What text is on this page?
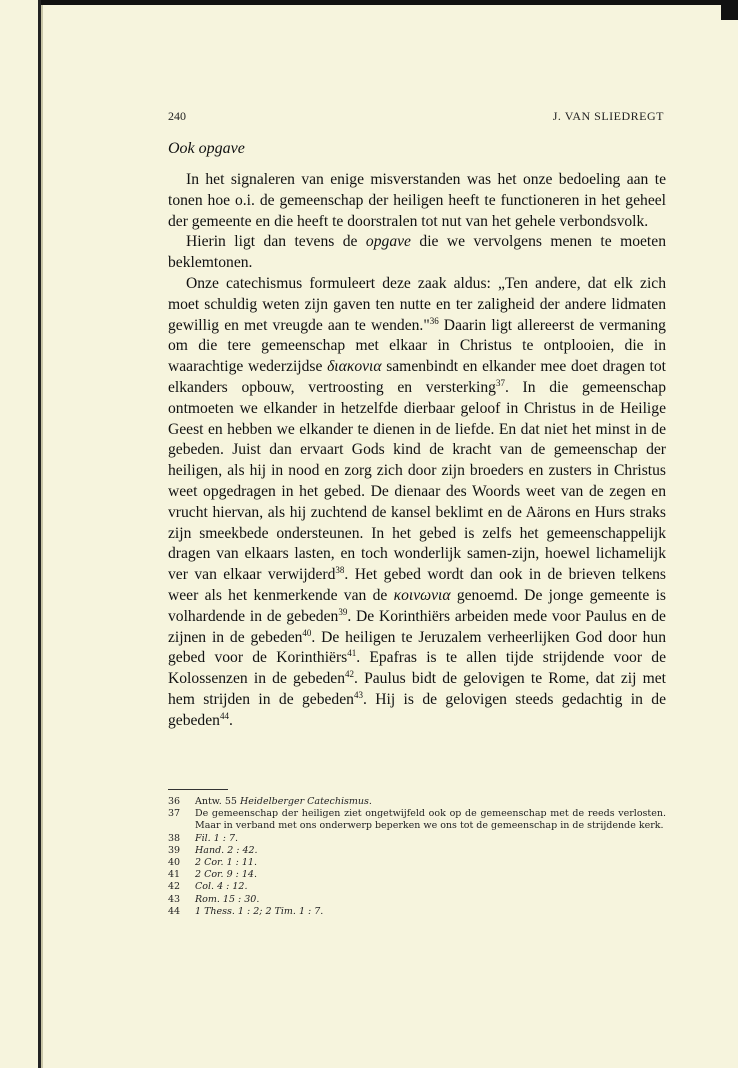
240	J. VAN SLIEDREGT
Ook opgave

In het signaleren van enige misverstanden was het onze bedoeling aan te tonen hoe o.i. de gemeenschap der heiligen heeft te functioneren in het geheel der gemeente en die heeft te doorstralen tot nut van het gehele verbondsvolk.

Hierin ligt dan tevens de opgave die we vervolgens menen te moeten beklemtonen.

Onze catechismus formuleert deze zaak aldus: „Ten andere, dat elk zich moet schuldig weten zijn gaven ten nutte en ter zaligheid der andere lidmaten gewillig en met vreugde aan te wenden."$^{36}$ Daarin ligt allereerst de vermaning om die tere gemeenschap met elkaar in Christus te ontplooien, die in waarachtige wederzijdse διακονια samenbindt en elkander mee doet dragen tot elkanders opbouw, vertroosting en versterking$^{37}$. In die gemeenschap ontmoeten we elkander in hetzelfde dierbaar geloof in Christus in de Heilige Geest en hebben we elkander te dienen in de liefde. En dat niet het minst in de gebeden. Juist dan ervaart Gods kind de kracht van de gemeenschap der heiligen, als hij in nood en zorg zich door zijn broeders en zusters in Christus weet opgedragen in het gebed. De dienaar des Woords weet van de zegen en vrucht hiervan, als hij zuchtend de kansel beklimt en de Aärons en Hurs straks zijn smeekbede ondersteunen. In het gebed is zelfs het gemeenschappelijk dragen van elkaars lasten, en toch wonderlijk samen-zijn, hoewel lichamelijk ver van elkaar verwijderd$^{38}$. Het gebed wordt dan ook in de brieven telkens weer als het kenmerkende van de κοινωνια genoemd. De jonge gemeente is volhardende in de gebeden$^{39}$. De Korinthiërs arbeiden mede voor Paulus en de zijnen in de gebeden$^{40}$. De heiligen te Jeruzalem verheerlijken God door hun gebed voor de Korinthiërs$^{41}$. Epafras is te allen tijde strijdende voor de Kolossenzen in de gebeden$^{42}$. Paulus bidt de gelovigen te Rome, dat zij met hem strijden in de gebeden$^{43}$. Hij is de gelovigen steeds gedachtig in de gebeden$^{44}$.

36 Antw. 55 Heidelberger Catechismus.
37 De gemeenschap der heiligen ziet ongetwijfeld ook op de gemeenschap met de reeds verlosten. Maar in verband met ons onderwerp beperken we ons tot de gemeenschap in de strijdende kerk.
38 Fil. 1 : 7.
39 Hand. 2 : 42.
40 2 Cor. 1 : 11.
41 2 Cor. 9 : 14.
42 Col. 4 : 12.
43 Rom. 15 : 30.
44 1 Thess. 1 : 2; 2 Tim. 1 : 7.
